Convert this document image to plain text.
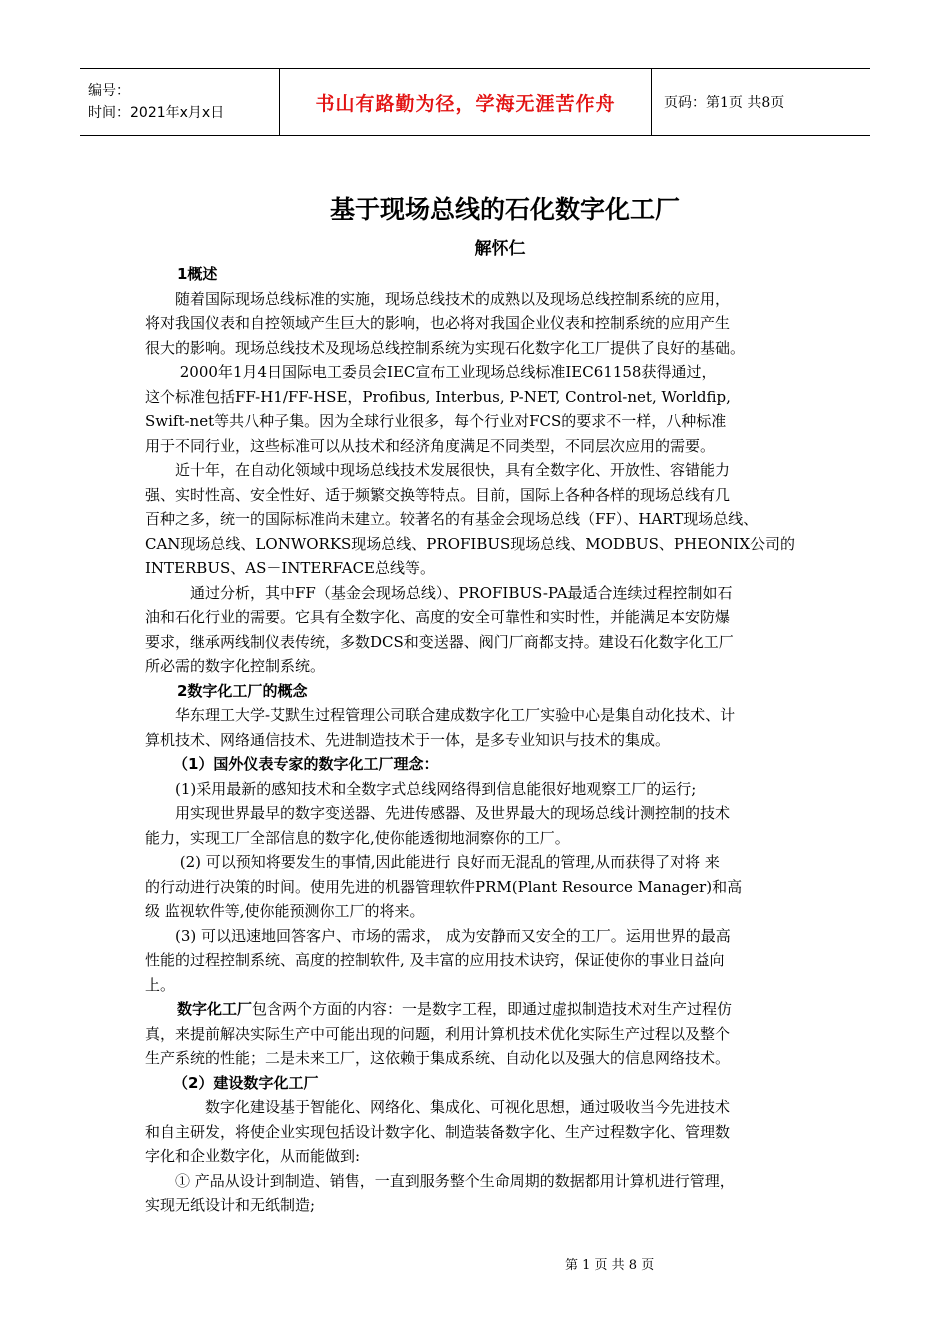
编号：
时间：2021年x月x日	书山有路勤为径，学海无涯苦作舟	页码：第1页 共8页
基于现场总线的石化数字化工厂
解怀仁

1概述

　　随着国际现场总线标准的实施，现场总线技术的成熟以及现场总线控制系统的应用，

将对我国仪表和自控领域产生巨大的影响，也必将对我国企业仪表和控制系统的应用产生

很大的影响。现场总线技术及现场总线控制系统为实现石化数字化工厂提供了良好的基础。

　　 2000年1月4日国际电工委员会IEC宣布工业现场总线标准IEC61158获得通过，

这个标准包括FF-H1/FF-HSE，Profibus, Interbus, P-NET, Control-net, Worldfip,

Swift-net等共八种子集。因为全球行业很多，每个行业对FCS的要求不一样，八种标准

用于不同行业，这些标准可以从技术和经济角度满足不同类型，不同层次应用的需要。

　　近十年，在自动化领域中现场总线技术发展很快，具有全数字化、开放性、容错能力

强、实时性高、安全性好、适于频繁交换等特点。目前，国际上各种各样的现场总线有几

百种之多，统一的国际标准尚未建立。较著名的有基金会现场总线（FF）、HART现场总线、

CAN现场总线、LONWORKS现场总线、PROFIBUS现场总线、MODBUS、PHEONIX公司的

INTERBUS、AS－INTERFACE总线等。

　　　通过分析，其中FF（基金会现场总线）、PROFIBUS-PA最适合连续过程控制如石

油和石化行业的需要。它具有全数字化、高度的安全可靠性和实时性，并能满足本安防爆

要求，继承两线制仪表传统，多数DCS和变送器、阀门厂商都支持。建设石化数字化工厂

所必需的数字化控制系统。

2数字化工厂的概念

　　华东理工大学-艾默生过程管理公司联合建成数字化工厂实验中心是集自动化技术、计

算机技术、网络通信技术、先进制造技术于一体，是多专业知识与技术的集成。

（1）国外仪表专家的数字化工厂理念：

　　(1)采用最新的感知技术和全数字式总线网络得到信息能很好地观察工厂的运行;

　　用实现世界最早的数字变送器、先进传感器、及世界最大的现场总线计测控制的技术

能力，实现工厂全部信息的数字化,使你能透彻地洞察你的工厂。

　　 (2) 可以预知将要发生的事情,因此能进行 良好而无混乱的管理,从而获得了对将 来

的行动进行决策的时间。使用先进的机器管理软件PRM(Plant Resource Manager)和高

级 监视软件等,使你能预测你工厂的将来。

　　(3) 可以迅速地回答客户、市场的需求， 成为安静而又安全的工厂。运用世界的最高

性能的过程控制系统、高度的控制软件, 及丰富的应用技术诀窍，保证使你的事业日益向

上。

数字化工厂包含两个方面的内容：一是数字工程，即通过虚拟制造技术对生产过程仿

真，来提前解决实际生产中可能出现的问题，利用计算机技术优化实际生产过程以及整个

生产系统的性能；二是未来工厂，这依赖于集成系统、自动化以及强大的信息网络技术。

（2）建设数字化工厂

　　　　数字化建设基于智能化、网络化、集成化、可视化思想，通过吸收当今先进技术

和自主研发，将使企业实现包括设计数字化、制造装备数字化、生产过程数字化、管理数

字化和企业数字化，从而能做到:

　　① 产品从设计到制造、销售，一直到服务整个生命周期的数据都用计算机进行管理，

实现无纸设计和无纸制造;

第 1 页 共 8 页
